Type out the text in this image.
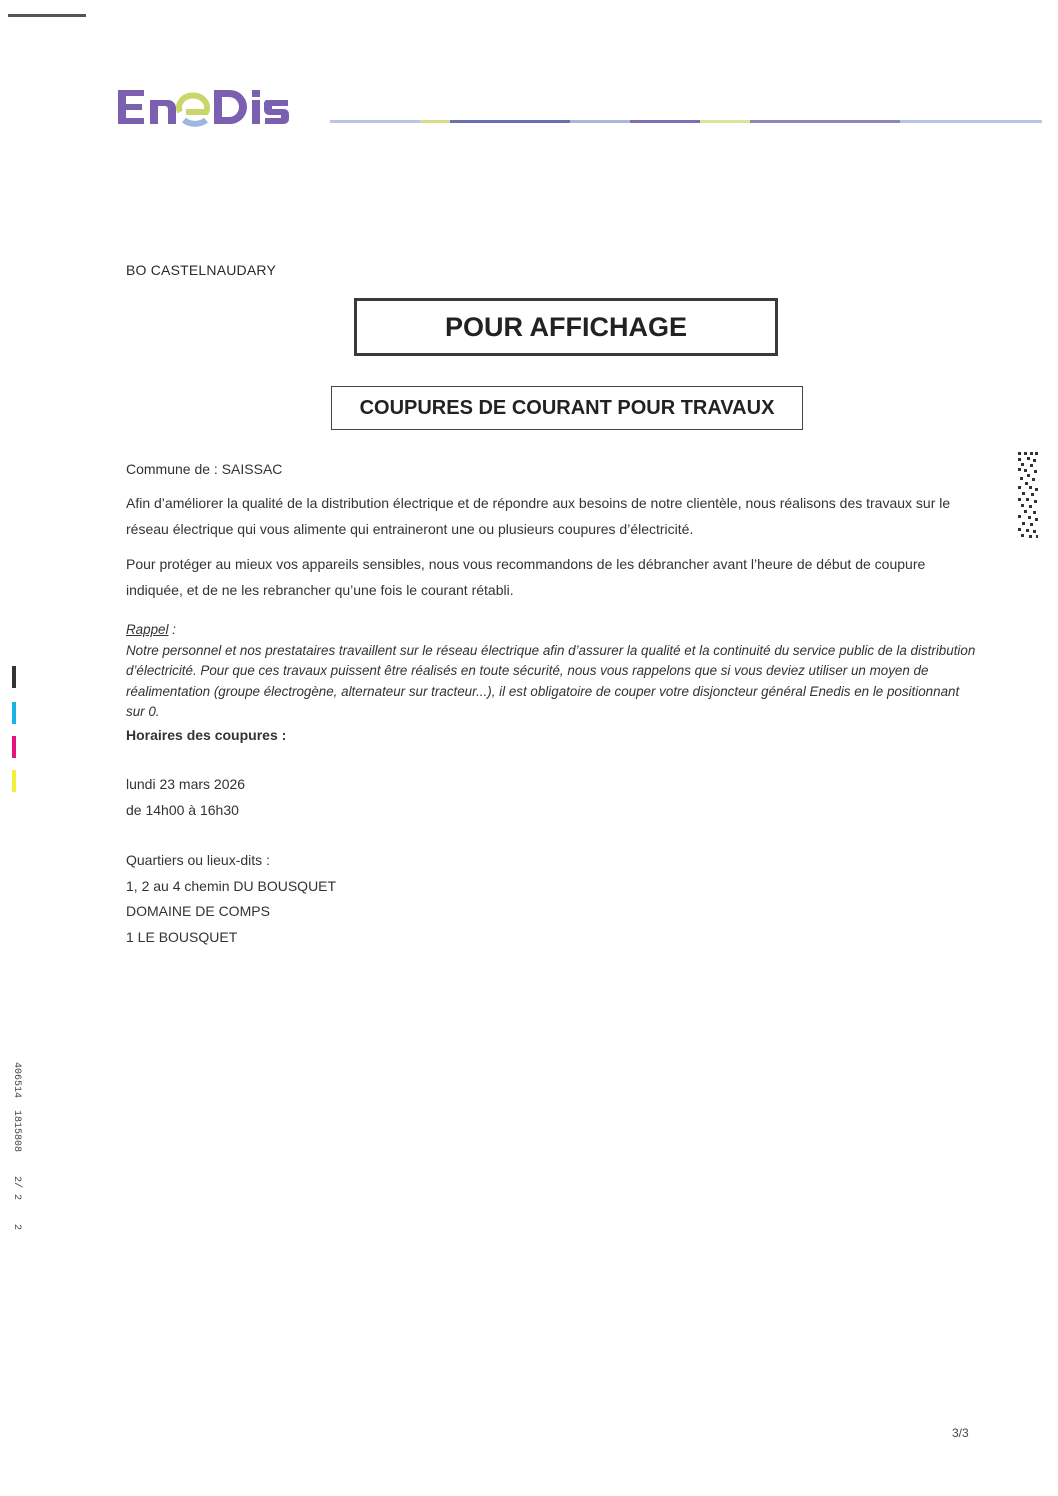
BO CASTELNAUDARY
POUR AFFICHAGE
COUPURES DE COURANT POUR TRAVAUX
Commune de : SAISSAC
Afin d’améliorer la qualité de la distribution électrique et de répondre aux besoins de notre clientèle, nous réalisons des travaux sur le réseau électrique qui vous alimente qui entraineront une ou plusieurs coupures d’électricité.
Pour protéger au mieux vos appareils sensibles, nous vous recommandons de les débrancher avant l’heure de début de coupure indiquée, et de ne les rebrancher qu’une fois le courant rétabli.
Rappel :
Notre personnel et nos prestataires travaillent sur le réseau électrique afin d’assurer la qualité et la continuité du service public de la distribution d’électricité. Pour que ces travaux puissent être réalisés en toute sécurité, nous vous rappelons que si vous deviez utiliser un moyen de réalimentation (groupe électrogène, alternateur sur tracteur...), il est obligatoire de couper votre disjoncteur général Enedis en le positionnant sur 0.
Horaires des coupures :
lundi 23 mars 2026
de 14h00 à 16h30
Quartiers ou lieux-dits :
1, 2 au 4 chemin DU BOUSQUET
DOMAINE DE COMPS
1 LE BOUSQUET
406514  1815808    2/ 2    2
3/3
